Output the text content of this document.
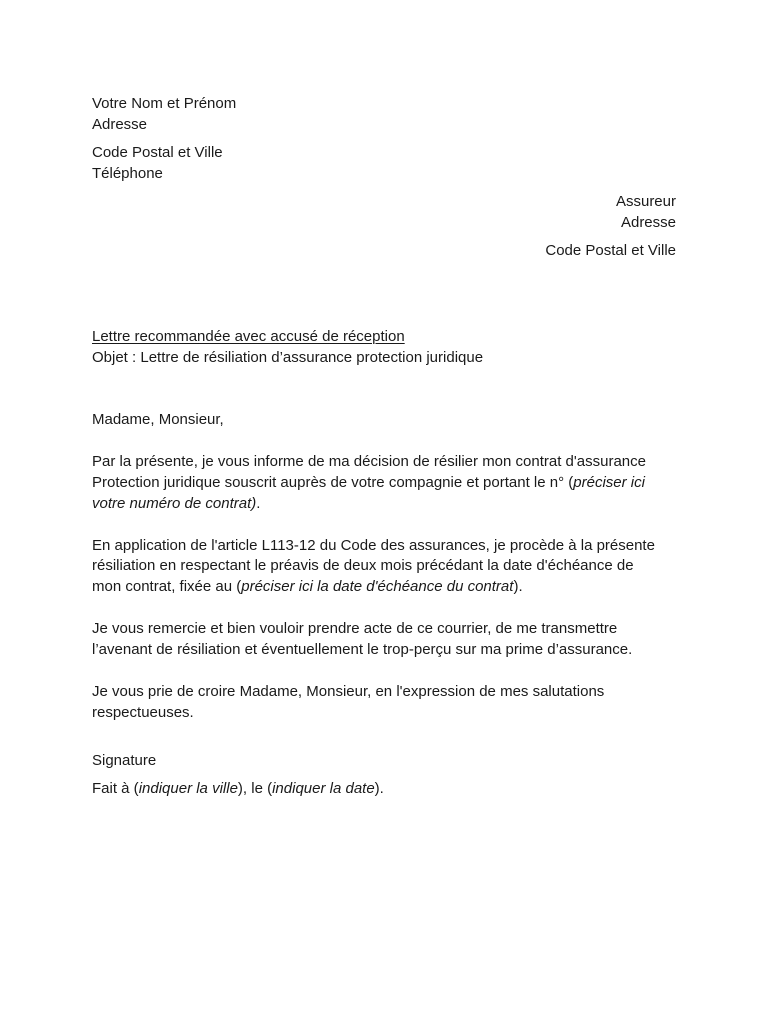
Votre Nom et Prénom
Adresse
Code Postal et Ville
Téléphone
Assureur
Adresse
Code Postal et Ville
Lettre recommandée avec accusé de réception
Objet : Lettre de résiliation d’assurance protection juridique
Madame, Monsieur,
Par la présente, je vous informe de ma décision de résilier mon contrat d'assurance
Protection juridique souscrit auprès de votre compagnie et portant le n° (préciser ici
votre numéro de contrat).
En application de l'article L113-12 du Code des assurances, je procède à la présente
résiliation en respectant le préavis de deux mois précédant la date d'échéance de
mon contrat, fixée au (préciser ici la date d'échéance du contrat).
Je vous remercie et bien vouloir prendre acte de ce courrier, de me transmettre
l’avenant de résiliation et éventuellement le trop-perçu sur ma prime d’assurance.
Je vous prie de croire Madame, Monsieur, en l'expression de mes salutations
respectueuses.
Signature
Fait à (indiquer la ville), le (indiquer la date).
